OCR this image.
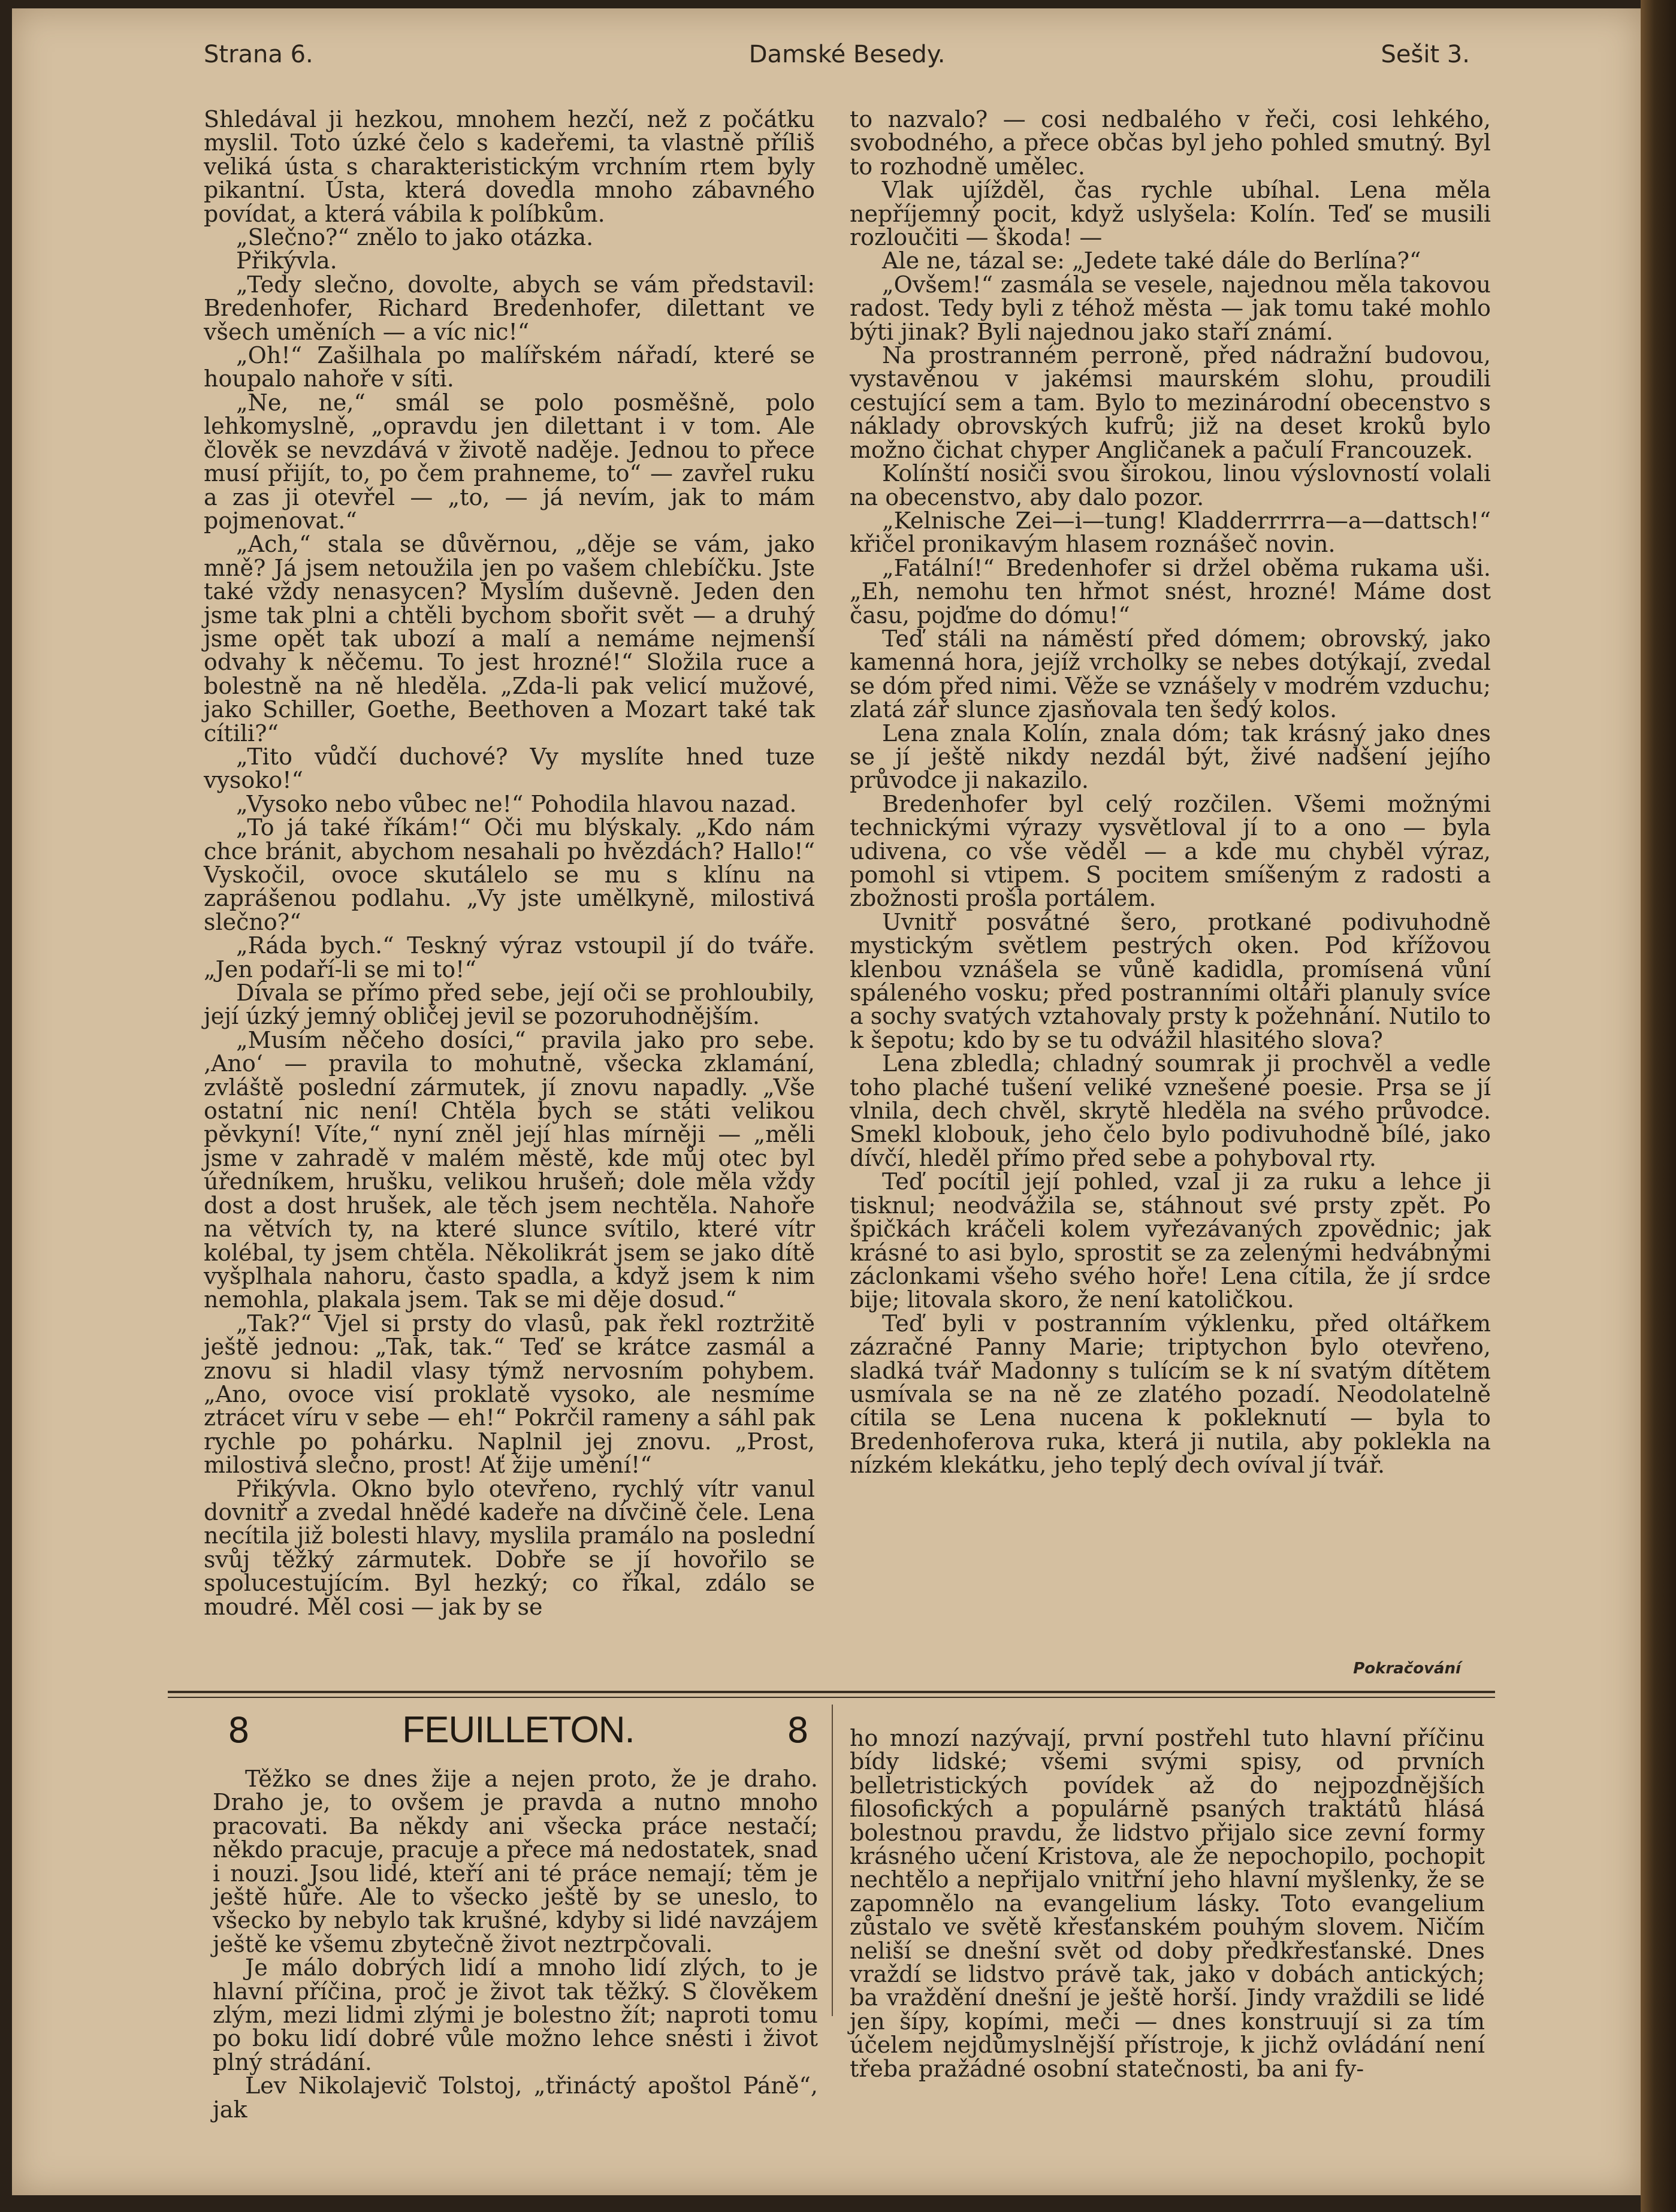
Strana 6.	Damské Besedy.	Sešit 3.

Shledával ji hezkou, mnohem hezčí, než z počátku myslil. Toto úzké čelo s kadeřemi, ta vlastně příliš veliká ústa s charakteristickým vrchním rtem byly pikantní. Ústa, která dovedla mnoho zábavného povídat, a která vábila k políbkům.

„Slečno?“ znělo to jako otázka.

Přikývla.

„Tedy slečno, dovolte, abych se vám představil: Bredenhofer, Richard Bredenhofer, dilettant ve všech uměních — a víc nic!“

„Oh!“ Zašilhala po malířském nářadí, které se houpalo nahoře v síti.

„Ne, ne,“ smál se polo posměšně, polo lehkomyslně, „opravdu jen dilettant i v tom. Ale člověk se nevzdává v životě naděje. Jednou to přece musí přijít, to, po čem prahneme, to“ — zavřel ruku a zas ji otevřel — „to, — já nevím, jak to mám pojmenovat.“

„Ach,“ stala se důvěrnou, „děje se vám, jako mně? Já jsem netoužila jen po vašem chlebíčku. Jste také vždy nenasycen? Myslím duševně. Jeden den jsme tak plni a chtěli bychom sbořit svět — a druhý jsme opět tak ubozí a malí a nemáme nejmenší odvahy k něčemu. To jest hrozné!“ Složila ruce a bolestně na ně hleděla. „Zda-li pak velicí mužové, jako Schiller, Goethe, Beethoven a Mozart také tak cítili?“

„Tito vůdčí duchové? Vy myslíte hned tuze vysoko!“

„Vysoko nebo vůbec ne!“ Pohodila hlavou nazad.

„To já také říkám!“ Oči mu blýskaly. „Kdo nám chce bránit, abychom nesahali po hvězdách? Hallo!“ Vyskočil, ovoce skutálelo se mu s klínu na zaprášenou podlahu. „Vy jste umělkyně, milostivá slečno?“

„Ráda bych.“ Teskný výraz vstoupil jí do tváře. „Jen podaří-li se mi to!“

Dívala se přímo před sebe, její oči se prohloubily, její úzký jemný obličej jevil se pozoruhodnějším.

„Musím něčeho dosíci,“ pravila jako pro sebe. ‚Ano‘ — pravila to mohutně, všecka zklamání, zvláště poslední zármutek, jí znovu napadly. „Vše ostatní nic není! Chtěla bych se státi velikou pěvkyní! Víte,“ nyní zněl její hlas mírněji — „měli jsme v zahradě v malém městě, kde můj otec byl úředníkem, hrušku, velikou hrušeň; dole měla vždy dost a dost hrušek, ale těch jsem nechtěla. Nahoře na větvích ty, na které slunce svítilo, které vítr kolébal, ty jsem chtěla. Několikrát jsem se jako dítě vyšplhala nahoru, často spadla, a když jsem k nim nemohla, plakala jsem. Tak se mi děje dosud.“

„Tak?“ Vjel si prsty do vlasů, pak řekl roztržitě ještě jednou: „Tak, tak.“ Teď se krátce zasmál a znovu si hladil vlasy týmž nervosním pohybem. „Ano, ovoce visí proklatě vysoko, ale nesmíme ztrácet víru v sebe — eh!“ Pokrčil rameny a sáhl pak rychle po pohárku. Naplnil jej znovu. „Prost, milostivá slečno, prost! Ať žije umění!“

Přikývla. Okno bylo otevřeno, rychlý vítr vanul dovnitř a zvedal hnědé kadeře na dívčině čele. Lena necítila již bolesti hlavy, myslila pramálo na poslední svůj těžký zármutek. Dobře se jí hovořilo se spolucestujícím. Byl hezký; co říkal, zdálo se moudré. Měl cosi — jak by se

to nazvalo? — cosi nedbalého v řeči, cosi lehkého, svobodného, a přece občas byl jeho pohled smutný. Byl to rozhodně umělec.

Vlak ujížděl, čas rychle ubíhal. Lena měla nepříjemný pocit, když uslyšela: Kolín. Teď se musili rozloučiti — škoda! —

Ale ne, tázal se: „Jedete také dále do Berlína?“

„Ovšem!“ zasmála se vesele, najednou měla takovou radost. Tedy byli z téhož města — jak tomu také mohlo býti jinak? Byli najednou jako staří známí.

Na prostranném perroně, před nádražní budovou, vystavěnou v jakémsi maurském slohu, proudili cestující sem a tam. Bylo to mezinárodní obecenstvo s náklady obrovských kufrů; již na deset kroků bylo možno čichat chyper Angličanek a pačulí Francouzek.

Kolínští nosiči svou širokou, linou výslovností volali na obecenstvo, aby dalo pozor.

„Kelnische Zei—i—tung! Kladderrrrra—a—dattsch!“ křičel pronikavým hlasem roznášeč novin.

„Fatální!“ Bredenhofer si držel oběma rukama uši. „Eh, nemohu ten hřmot snést, hrozné! Máme dost času, pojďme do dómu!“

Teď stáli na náměstí před dómem; obrovský, jako kamenná hora, jejíž vrcholky se nebes dotýkají, zvedal se dóm před nimi. Věže se vznášely v modrém vzduchu; zlatá zář slunce zjasňovala ten šedý kolos.

Lena znala Kolín, znala dóm; tak krásný jako dnes se jí ještě nikdy nezdál být, živé nadšení jejího průvodce ji nakazilo.

Bredenhofer byl celý rozčilen. Všemi možnými technickými výrazy vysvětloval jí to a ono — byla udivena, co vše věděl — a kde mu chyběl výraz, pomohl si vtipem. S pocitem smíšeným z radosti a zbožnosti prošla portálem.

Uvnitř posvátné šero, protkané podivuhodně mystickým světlem pestrých oken. Pod křížovou klenbou vznášela se vůně kadidla, promísená vůní spáleného vosku; před postranními oltáři planuly svíce a sochy svatých vztahovaly prsty k požehnání. Nutilo to k šepotu; kdo by se tu odvážil hlasitého slova?

Lena zbledla; chladný soumrak ji prochvěl a vedle toho plaché tušení veliké vznešené poesie. Prsa se jí vlnila, dech chvěl, skrytě hleděla na svého průvodce. Smekl klobouk, jeho čelo bylo podivuhodně bílé, jako dívčí, hleděl přímo před sebe a pohyboval rty.

Teď pocítil její pohled, vzal ji za ruku a lehce ji tisknul; neodvážila se, stáhnout své prsty zpět. Po špičkách kráčeli kolem vyřezávaných zpovědnic; jak krásné to asi bylo, sprostit se za zelenými hedvábnými záclonkami všeho svého hoře! Lena cítila, že jí srdce bije; litovala skoro, že není katoličkou.

Teď byli v postranním výklenku, před oltářkem zázračné Panny Marie; triptychon bylo otevřeno, sladká tvář Madonny s tulícím se k ní svatým dítětem usmívala se na ně ze zlatého pozadí. Neodolatelně cítila se Lena nucena k pokleknutí — byla to Bredenhoferova ruka, která ji nutila, aby poklekla na nízkém klekátku, jeho teplý dech ovíval jí tvář.

Pokračování
8	FEUILLETON.	8

Těžko se dnes žije a nejen proto, že je draho. Draho je, to ovšem je pravda a nutno mnoho pracovati. Ba někdy ani všecka práce nestačí; někdo pracuje, pracuje a přece má nedostatek, snad i nouzi. Jsou lidé, kteří ani té práce nemají; těm je ještě hůře. Ale to všecko ještě by se uneslo, to všecko by nebylo tak krušné, kdyby si lidé navzájem ještě ke všemu zbytečně život neztrpčovali.

Je málo dobrých lidí a mnoho lidí zlých, to je hlavní příčina, proč je život tak těžký. S člověkem zlým, mezi lidmi zlými je bolestno žít; naproti tomu po boku lidí dobré vůle možno lehce snésti i život plný strádání.

Lev Nikolajevič Tolstoj, „třináctý apoštol Páně“, jak

ho mnozí nazývají, první postřehl tuto hlavní příčinu bídy lidské; všemi svými spisy, od prvních belletristických povídek až do nejpozdnějších filosofických a populárně psaných traktátů hlásá bolestnou pravdu, že lidstvo přijalo sice zevní formy krásného učení Kristova, ale že nepochopilo, pochopit nechtělo a nepřijalo vnitřní jeho hlavní myšlenky, že se zapomnělo na evangelium lásky. Toto evangelium zůstalo ve světě křesťanském pouhým slovem. Ničím neliší se dnešní svět od doby předkřesťanské. Dnes vraždí se lidstvo právě tak, jako v dobách antických; ba vraždění dnešní je ještě horší. Jindy vraždili se lidé jen šípy, kopími, meči — dnes konstruují si za tím účelem nejdůmyslnější přístroje, k jichž ovládání není třeba pražádné osobní statečnosti, ba ani fy-
